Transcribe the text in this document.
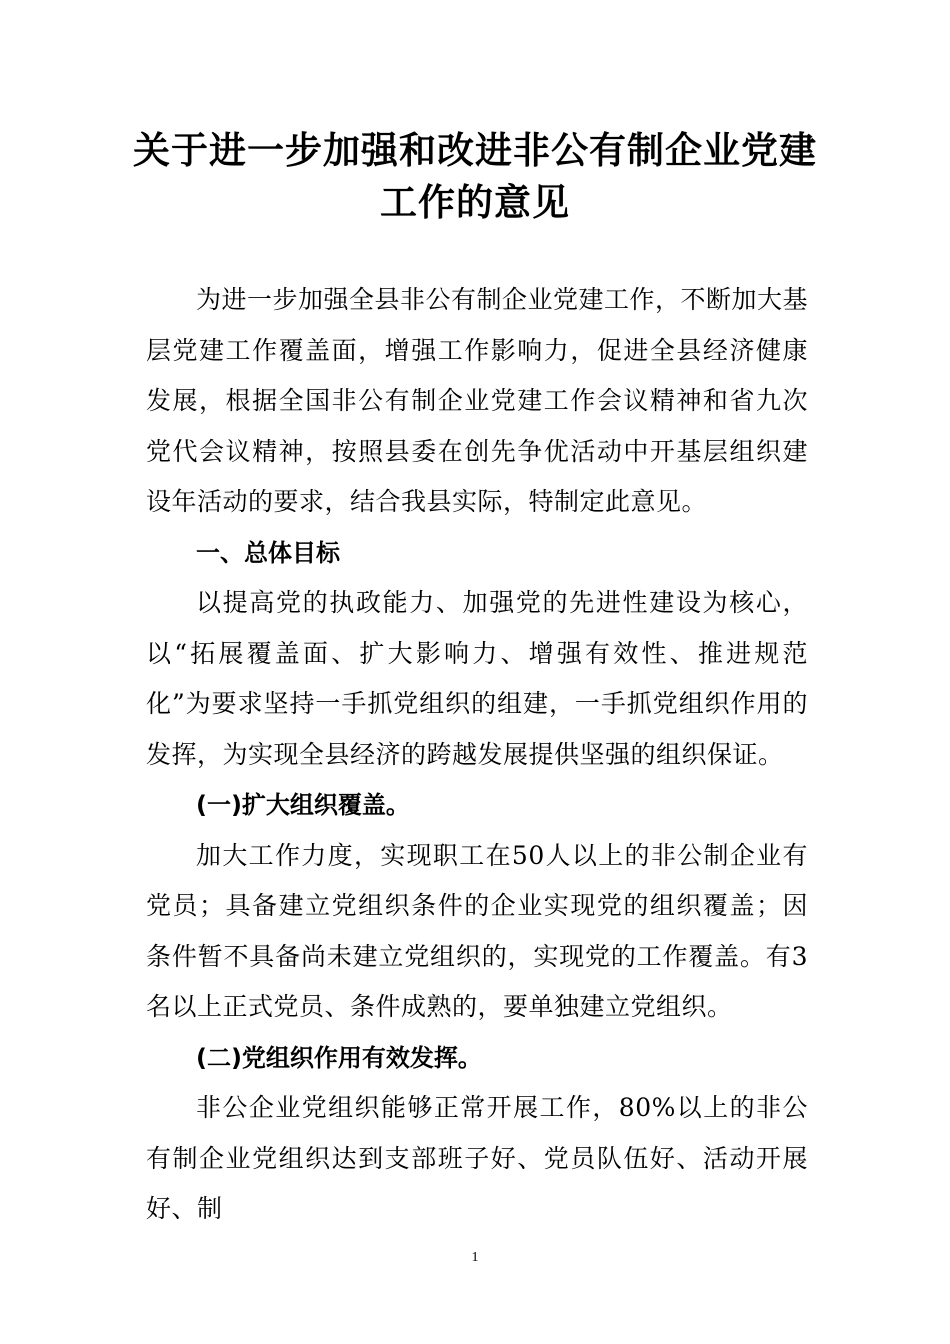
关于进一步加强和改进非公有制企业党建
工作的意见

为进一步加强全县非公有制企业党建工作，不断加大基层党建工作覆盖面，增强工作影响力，促进全县经济健康发展，根据全国非公有制企业党建工作会议精神和省九次党代会议精神，按照县委在创先争优活动中开基层组织建设年活动的要求，结合我县实际，特制定此意见。

一、总体目标

以提高党的执政能力、加强党的先进性建设为核心，以“拓展覆盖面、扩大影响力、增强有效性、推进规范化”为要求坚持一手抓党组织的组建，一手抓党组织作用的发挥，为实现全县经济的跨越发展提供坚强的组织保证。

(一)扩大组织覆盖。

加大工作力度，实现职工在50人以上的非公制企业有党员；具备建立党组织条件的企业实现党的组织覆盖；因条件暂不具备尚未建立党组织的，实现党的工作覆盖。有3名以上正式党员、条件成熟的，要单独建立党组织。

(二)党组织作用有效发挥。

非公企业党组织能够正常开展工作，80%以上的非公有制企业党组织达到支部班子好、党员队伍好、活动开展好、制

1
